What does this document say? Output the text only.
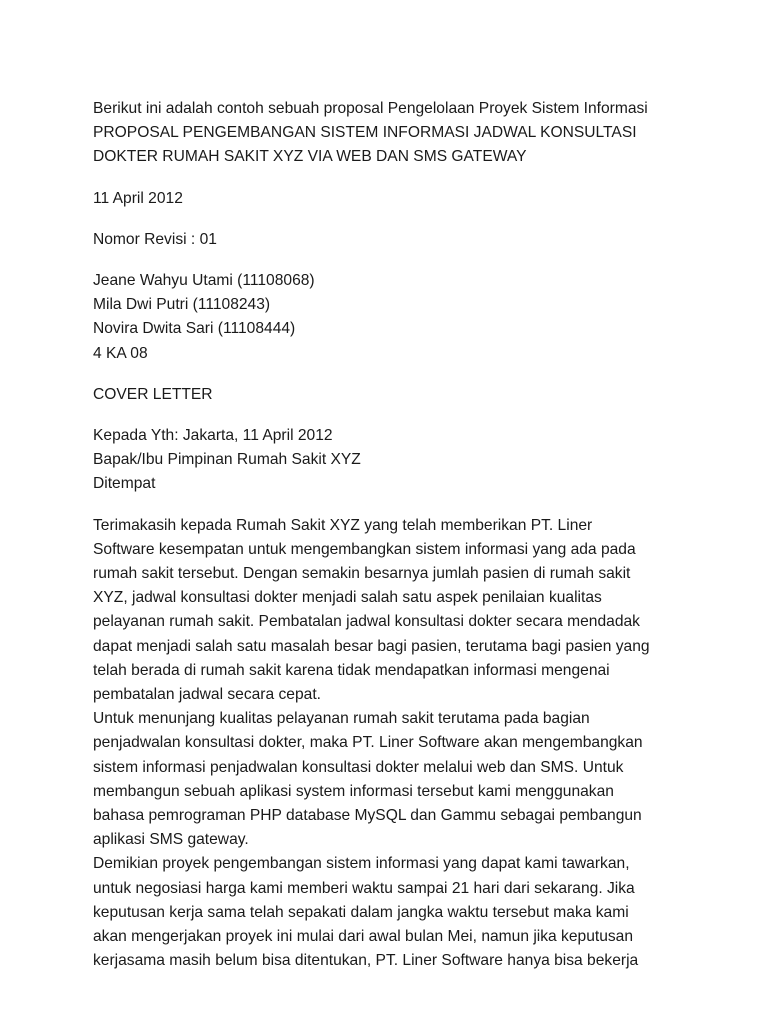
Berikut ini adalah contoh sebuah proposal Pengelolaan Proyek Sistem Informasi
PROPOSAL PENGEMBANGAN SISTEM INFORMASI JADWAL KONSULTASI
DOKTER RUMAH SAKIT XYZ VIA WEB DAN SMS GATEWAY
11 April 2012
Nomor Revisi : 01
Jeane Wahyu Utami (11108068)
Mila Dwi Putri (11108243)
Novira Dwita Sari (11108444)
4 KA 08
COVER LETTER
Kepada Yth: Jakarta, 11 April 2012
Bapak/Ibu Pimpinan Rumah Sakit XYZ
Ditempat
Terimakasih kepada Rumah Sakit XYZ yang telah memberikan PT. Liner
Software kesempatan untuk mengembangkan sistem informasi yang ada pada
rumah sakit tersebut. Dengan semakin besarnya jumlah pasien di rumah sakit
XYZ, jadwal konsultasi dokter menjadi salah satu aspek penilaian kualitas
pelayanan rumah sakit. Pembatalan jadwal konsultasi dokter secara mendadak
dapat menjadi salah satu masalah besar bagi pasien, terutama bagi pasien yang
telah berada di rumah sakit karena tidak mendapatkan informasi mengenai
pembatalan jadwal secara cepat.
Untuk menunjang kualitas pelayanan rumah sakit terutama pada bagian
penjadwalan konsultasi dokter, maka PT. Liner Software akan mengembangkan
sistem informasi penjadwalan konsultasi dokter melalui web dan SMS. Untuk
membangun sebuah aplikasi system informasi tersebut kami menggunakan
bahasa pemrograman PHP database MySQL dan Gammu sebagai pembangun
aplikasi SMS gateway.
Demikian proyek pengembangan sistem informasi yang dapat kami tawarkan,
untuk negosiasi harga kami memberi waktu sampai 21 hari dari sekarang. Jika
keputusan kerja sama telah sepakati dalam jangka waktu tersebut maka kami
akan mengerjakan proyek ini mulai dari awal bulan Mei, namun jika keputusan
kerjasama masih belum bisa ditentukan, PT. Liner Software hanya bisa bekerja
